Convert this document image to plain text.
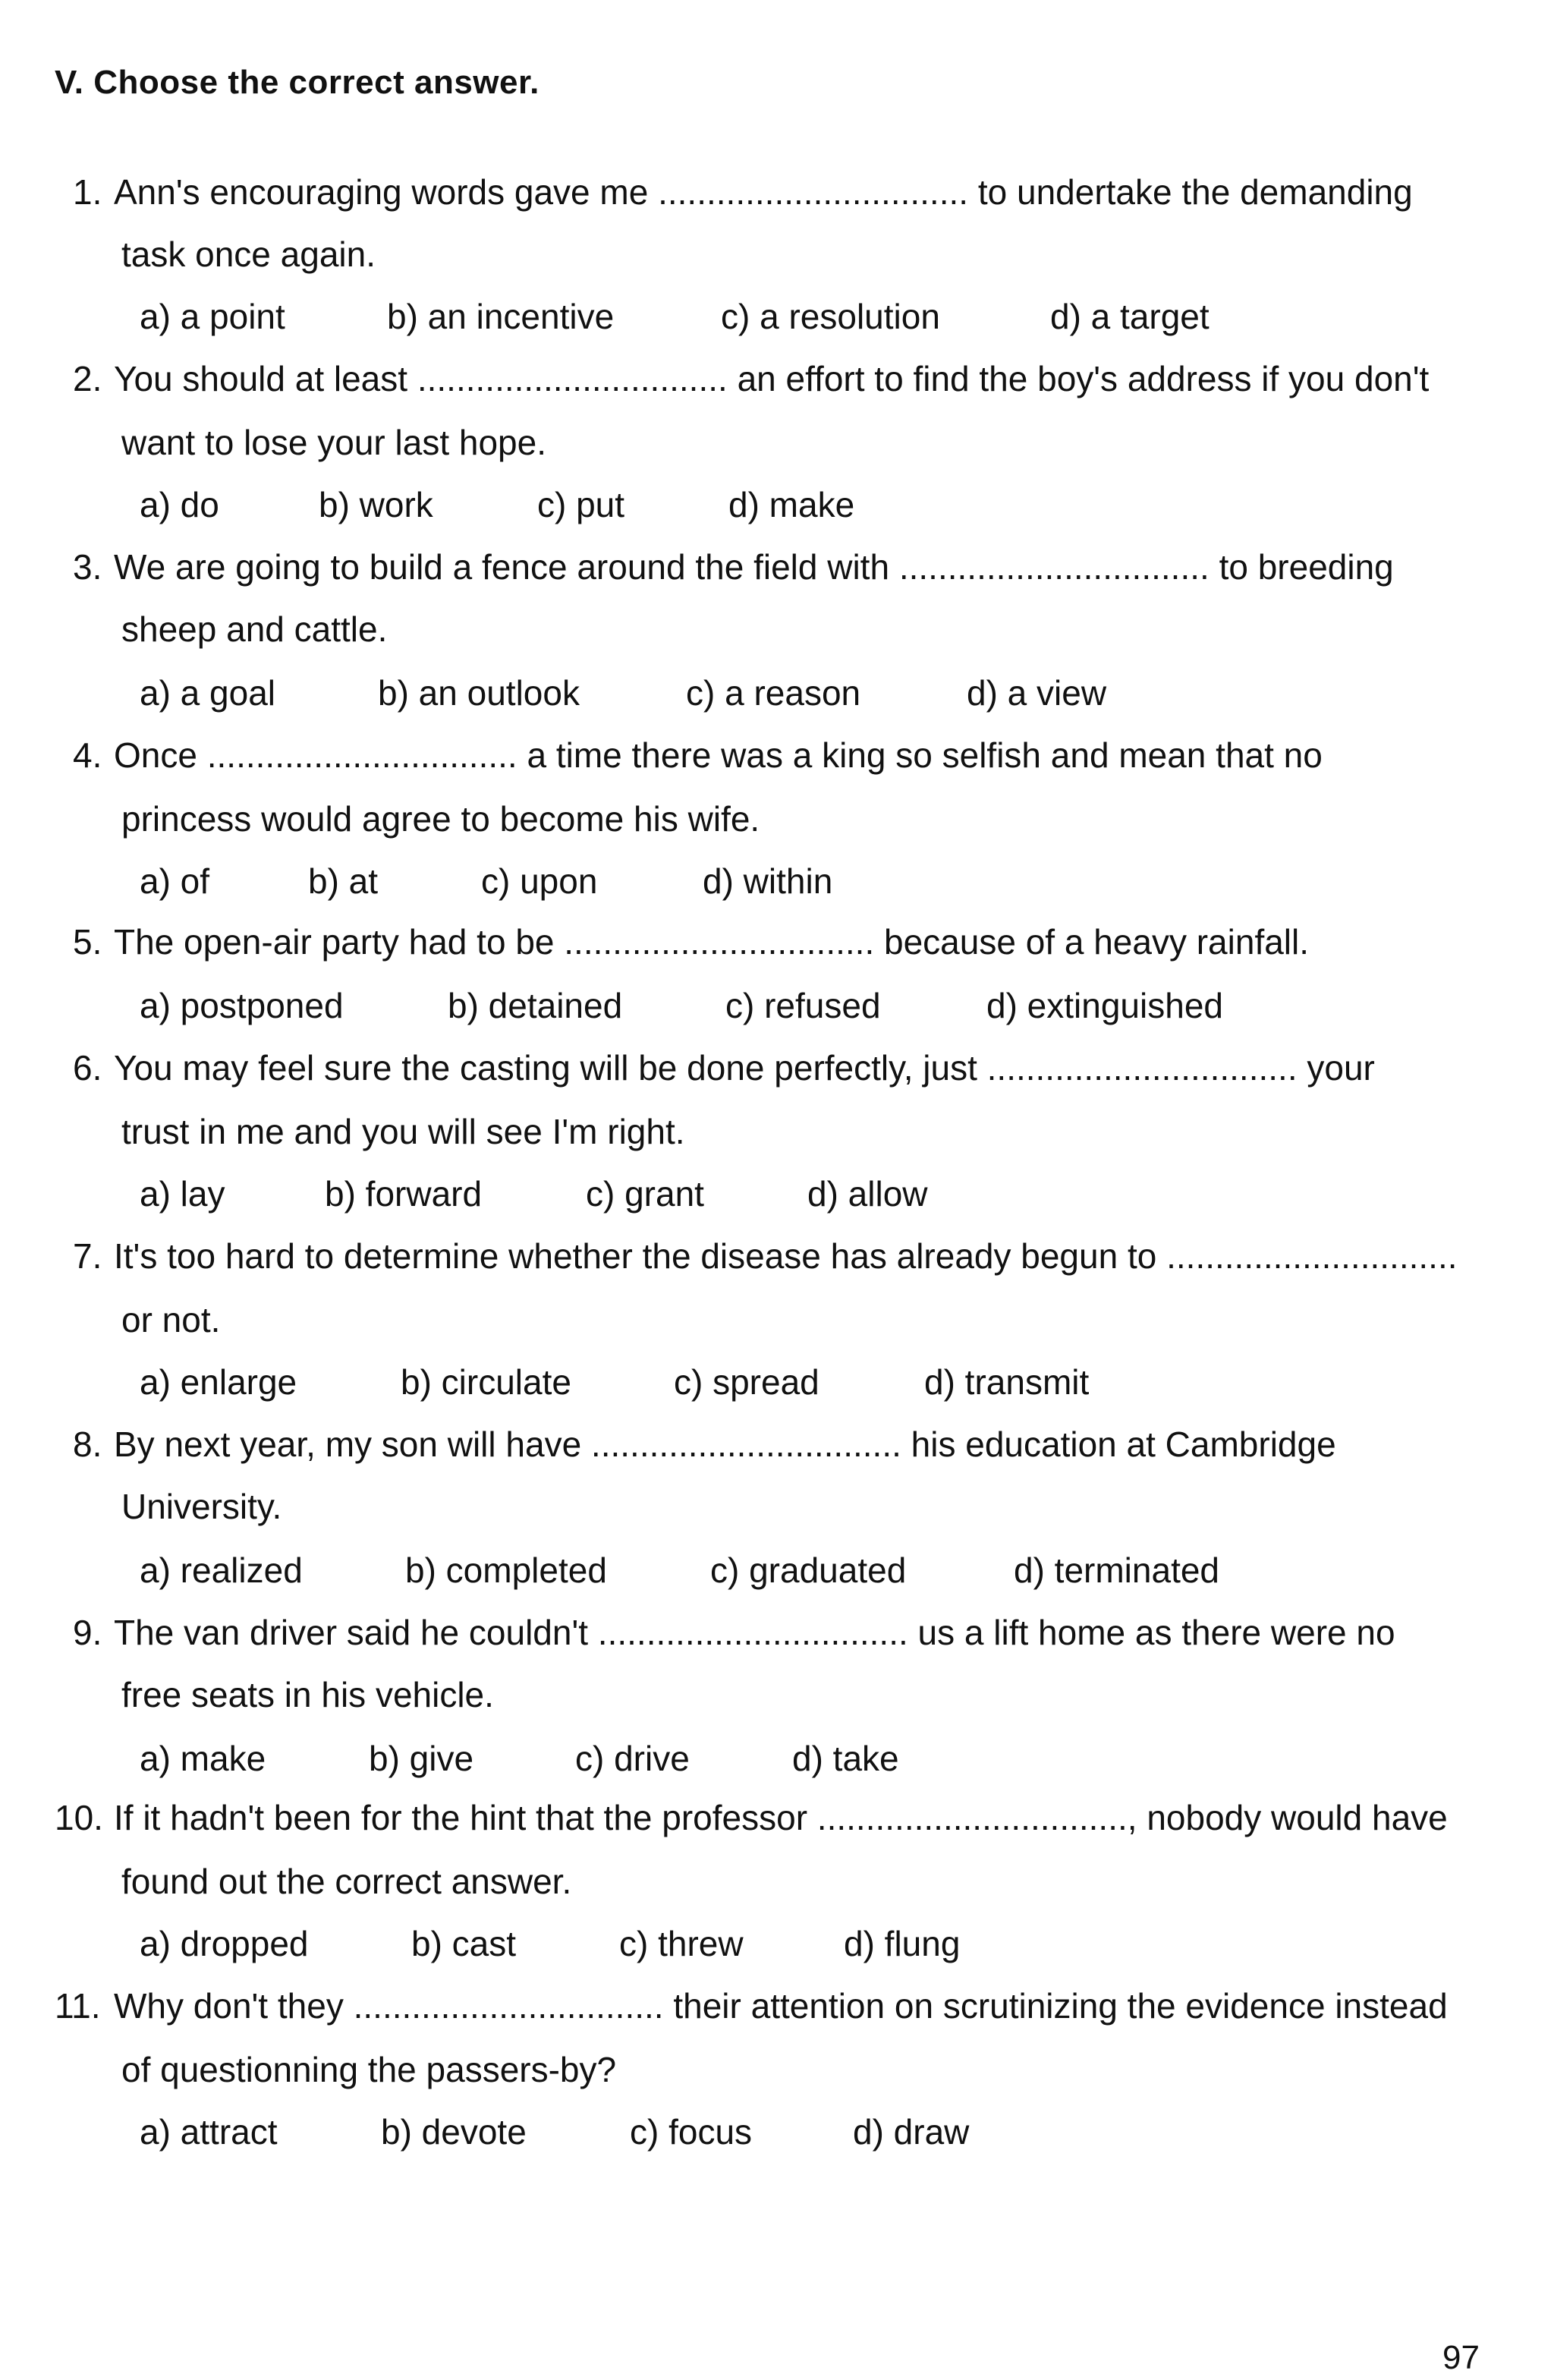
V. Choose the correct answer.
1. Ann's encouraging words gave me ................................ to undertake the demanding
task once again.
a) a point	b) an incentive	c) a resolution	d) a target
2. You should at least ................................ an effort to find the boy's address if you don't
want to lose your last hope.
a) do	b) work	c) put	d) make
3. We are going to build a fence around the field with ................................ to breeding
sheep and cattle.
a) a goal	b) an outlook	c) a reason	d) a view
4. Once ................................ a time there was a king so selfish and mean that no
princess would agree to become his wife.
a) of	b) at	c) upon	d) within
5. The open-air party had to be ................................ because of a heavy rainfall.
a) postponed	b) detained	c) refused	d) extinguished
6. You may feel sure the casting will be done perfectly, just ................................ your
trust in me and you will see I'm right.
a) lay	b) forward	c) grant	d) allow
7. It's too hard to determine whether the disease has already begun to ..............................
or not.
a) enlarge	b) circulate	c) spread	d) transmit
8. By next year, my son will have ................................ his education at Cambridge
University.
a) realized	b) completed	c) graduated	d) terminated
9. The van driver said he couldn't ................................ us a lift home as there were no
free seats in his vehicle.
a) make	b) give	c) drive	d) take
10. If it hadn't been for the hint that the professor ................................, nobody would have
found out the correct answer.
a) dropped	b) cast	c) threw	d) flung
11. Why don't they ................................ their attention on scrutinizing the evidence instead
of questionning the passers-by?
a) attract	b) devote	c) focus	d) draw
97
